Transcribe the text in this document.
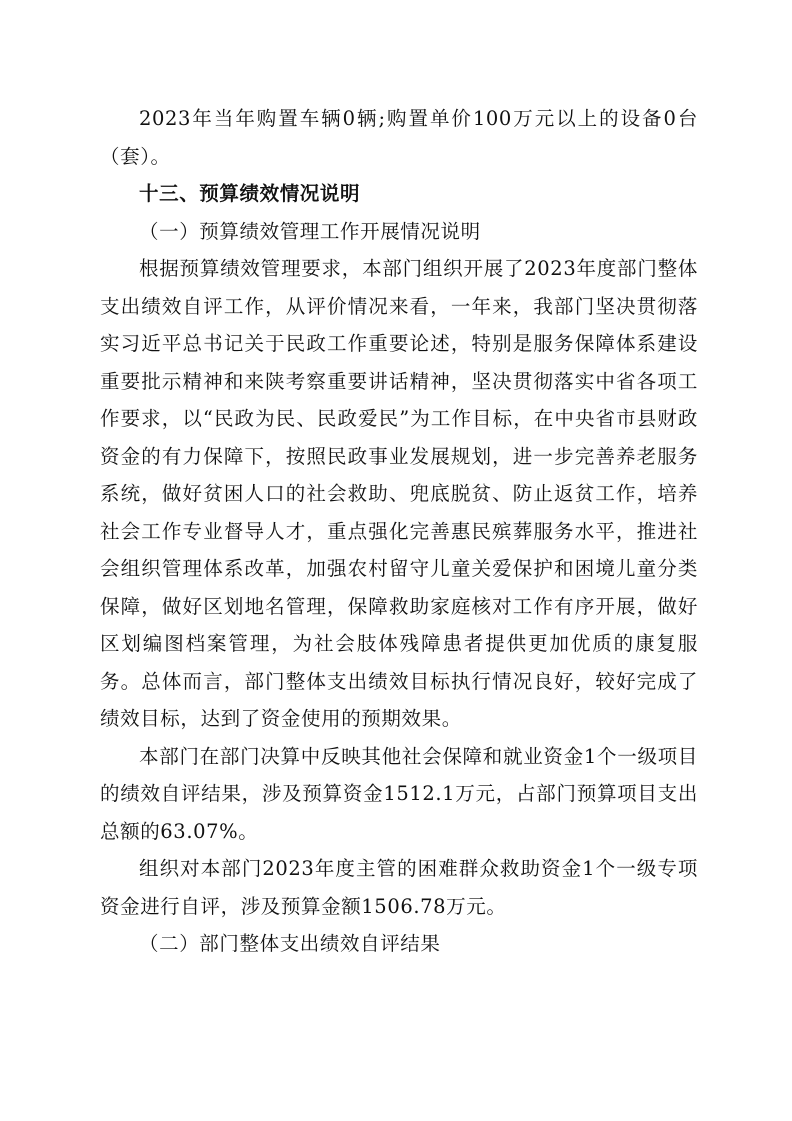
2023年当年购置车辆0辆;购置单价100万元以上的设备0台（套）。

十三、预算绩效情况说明

（一）预算绩效管理工作开展情况说明

根据预算绩效管理要求，本部门组织开展了2023年度部门整体支出绩效自评工作，从评价情况来看，一年来，我部门坚决贯彻落实习近平总书记关于民政工作重要论述，特别是服务保障体系建设重要批示精神和来陕考察重要讲话精神，坚决贯彻落实中省各项工作要求，以“民政为民、民政爱民”为工作目标，在中央省市县财政资金的有力保障下，按照民政事业发展规划，进一步完善养老服务系统，做好贫困人口的社会救助、兜底脱贫、防止返贫工作，培养社会工作专业督导人才，重点强化完善惠民殡葬服务水平，推进社会组织管理体系改革，加强农村留守儿童关爱保护和困境儿童分类保障，做好区划地名管理，保障救助家庭核对工作有序开展，做好区划编图档案管理，为社会肢体残障患者提供更加优质的康复服务。总体而言，部门整体支出绩效目标执行情况良好，较好完成了绩效目标，达到了资金使用的预期效果。

本部门在部门决算中反映其他社会保障和就业资金1个一级项目的绩效自评结果，涉及预算资金1512.1万元，占部门预算项目支出总额的63.07%。

组织对本部门2023年度主管的困难群众救助资金1个一级专项资金进行自评，涉及预算金额1506.78万元。

（二）部门整体支出绩效自评结果
